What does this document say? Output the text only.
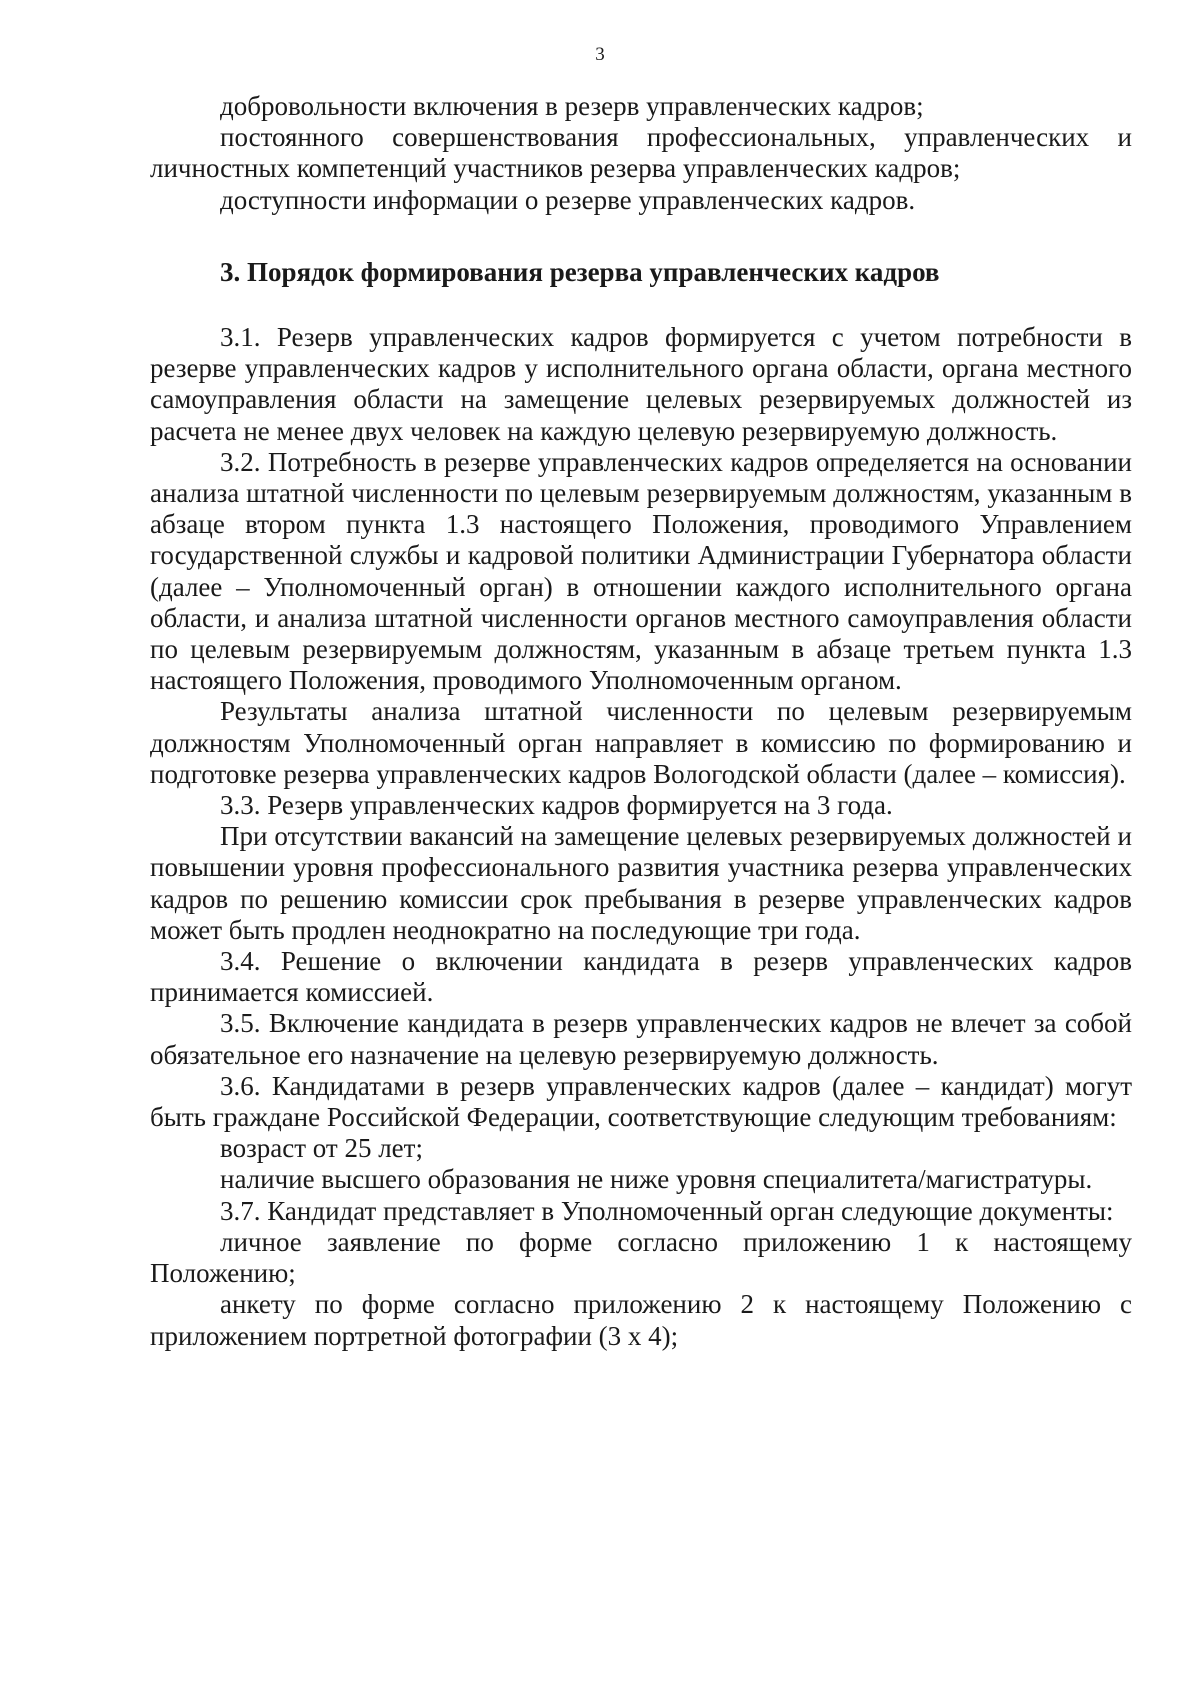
3

добровольности включения в резерв управленческих кадров;

постоянного совершенствования профессиональных, управленческих и личностных компетенций участников резерва управленческих кадров;

доступности информации о резерве управленческих кадров.

3. Порядок формирования резерва управленческих кадров

3.1. Резерв управленческих кадров формируется с учетом потребности в резерве управленческих кадров у исполнительного органа области, органа местного самоуправления области на замещение целевых резервируемых должностей из расчета не менее двух человек на каждую целевую резервируемую должность.

3.2. Потребность в резерве управленческих кадров определяется на основании анализа штатной численности по целевым резервируемым должностям, указанным в абзаце втором пункта 1.3 настоящего Положения, проводимого Управлением государственной службы и кадровой политики Администрации Губернатора области (далее – Уполномоченный орган) в отношении каждого исполнительного органа области, и анализа штатной численности органов местного самоуправления области по целевым резервируемым должностям, указанным в абзаце третьем пункта 1.3 настоящего Положения, проводимого Уполномоченным органом.

Результаты анализа штатной численности по целевым резервируемым должностям Уполномоченный орган направляет в комиссию по формированию и подготовке резерва управленческих кадров Вологодской области (далее – комиссия).

3.3. Резерв управленческих кадров формируется на 3 года.

При отсутствии вакансий на замещение целевых резервируемых должностей и повышении уровня профессионального развития участника резерва управленческих кадров по решению комиссии срок пребывания в резерве управленческих кадров может быть продлен неоднократно на последующие три года.

3.4. Решение о включении кандидата в резерв управленческих кадров принимается комиссией.

3.5. Включение кандидата в резерв управленческих кадров не влечет за собой обязательное его назначение на целевую резервируемую должность.

3.6. Кандидатами в резерв управленческих кадров (далее – кандидат) могут быть граждане Российской Федерации, соответствующие следующим требованиям:

возраст от 25 лет;

наличие высшего образования не ниже уровня специалитета/магистратуры.

3.7. Кандидат представляет в Уполномоченный орган следующие документы:

личное заявление по форме согласно приложению 1 к настоящему Положению;

анкету по форме согласно приложению 2 к настоящему Положению с приложением портретной фотографии (3 х 4);
